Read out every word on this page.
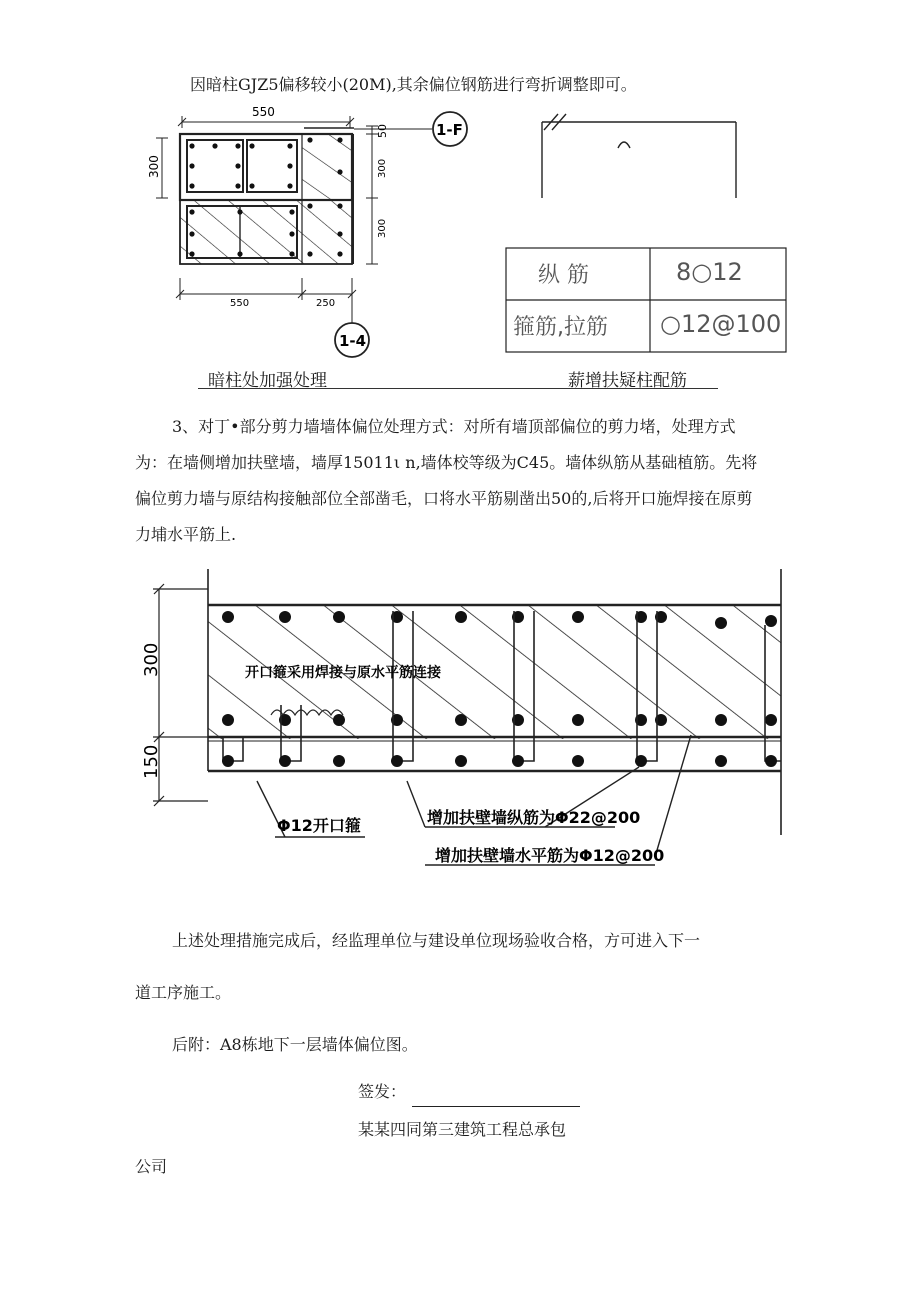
因暗柱GJZ5偏移较小(20M),其余偏位钢筋进行弯折调整即可。
550
300
50
300
300
1-F
550	250
1-4
纵 筋	8○12
箍筋,拉筋 ○12@100
暗柱处加强处理	薪增扶疑柱配筋
3、对丁•部分剪力墙墙体偏位处理方式：对所有墙顶部偏位的剪力堵，处理方式
为：在墙侧增加扶壁墙，墙厚15011ι n,墙体校等级为C45。墙体纵筋从基础植筋。先将
偏位剪力墙与原结构接触部位全部凿毛，口将水平筋剔凿出50的,后将开口施焊接在原剪
力埔水平筋上.
300
150
开口箍采用焊接与原水平筋连接
Φ12开口箍	增加扶壁墙纵筋为Φ22@200
增加扶壁墙水平筋为Φ12@200
上述处理措施完成后，经监理单位与建设单位现场验收合格，方可进入下一
道工序施工。
后附：A8栋地下一层墙体偏位图。
签发：
某某四同第三建筑工程总承包
公司
